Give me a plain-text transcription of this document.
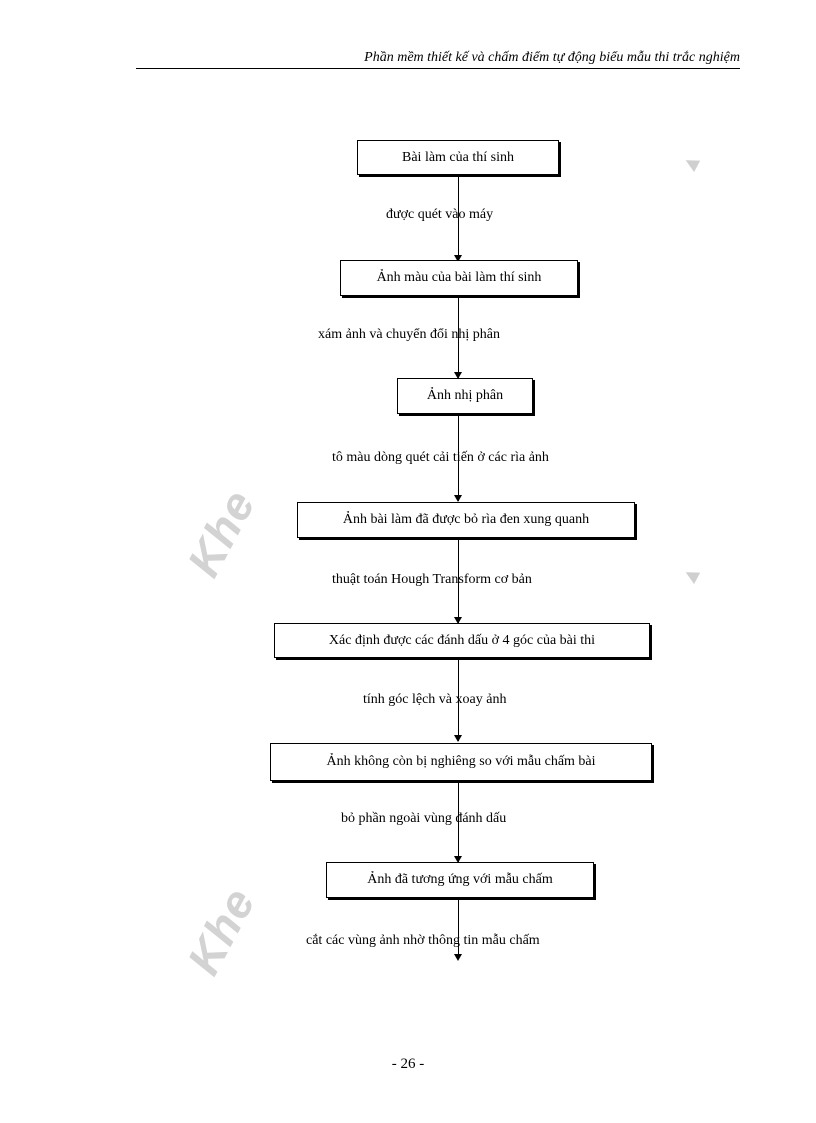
Phần mềm thiết kế và chấm điểm tự động biểu mẫu thi trắc nghiệm
Khe
Khe
▲
▲
Bài làm của thí sinh
Ảnh màu của bài làm thí sinh
Ảnh nhị phân
Ảnh bài làm đã được bỏ rìa đen xung quanh
Xác định được các đánh dấu ở 4 góc của bài thi
Ảnh không còn bị nghiêng so với mẫu chấm bài
Ảnh đã tương ứng với mẫu chấm
được quét vào máy
xám ảnh và chuyển đổi nhị phân
tô màu dòng quét cải tiến ở các rìa ảnh
thuật toán Hough Transform cơ bản
tính góc lệch và xoay ảnh
bỏ phần ngoài vùng đánh dấu
cắt các vùng ảnh nhờ thông tin mẫu chấm
- 26 -
